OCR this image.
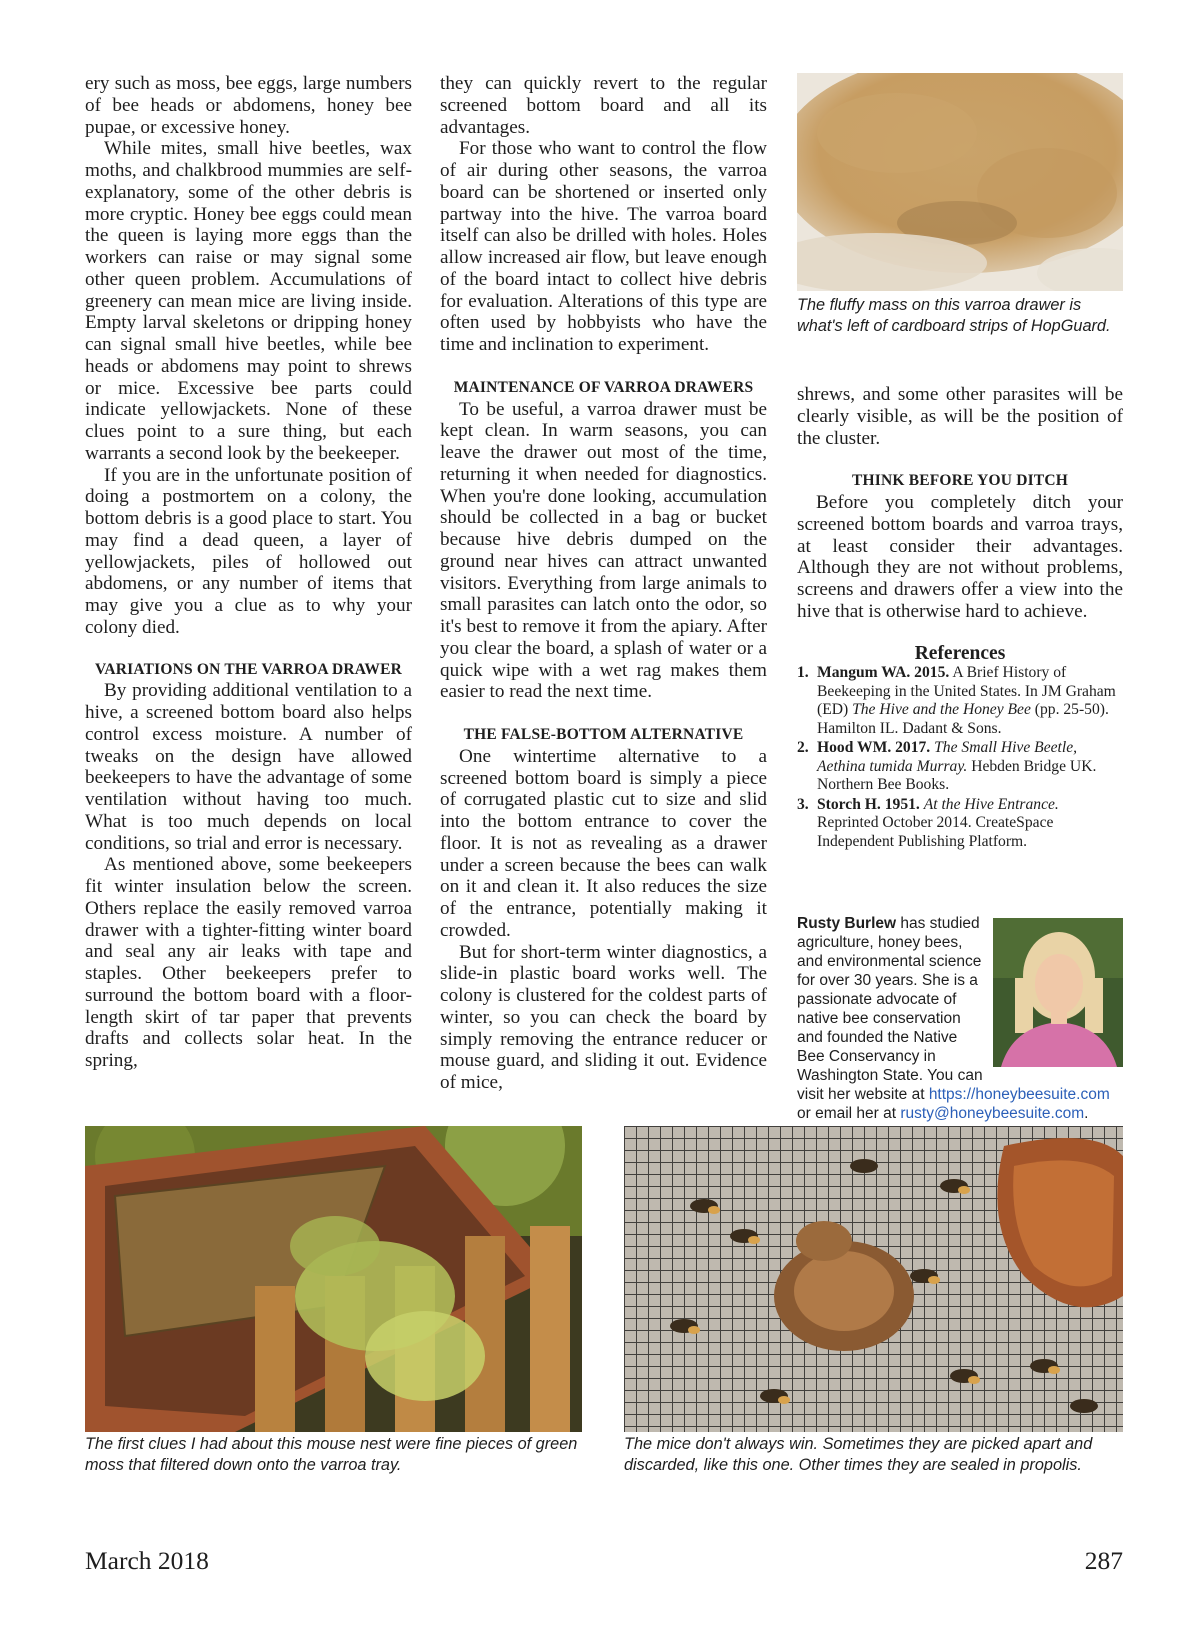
ery such as moss, bee eggs, large numbers of bee heads or abdomens, honey bee pupae, or excessive honey.

While mites, small hive beetles, wax moths, and chalkbrood mummies are self-explanatory, some of the other debris is more cryptic. Honey bee eggs could mean the queen is laying more eggs than the workers can raise or may signal some other queen problem. Accumulations of greenery can mean mice are living inside. Empty larval skeletons or dripping honey can signal small hive beetles, while bee heads or abdomens may point to shrews or mice. Excessive bee parts could indicate yellowjackets. None of these clues point to a sure thing, but each warrants a second look by the beekeeper.

If you are in the unfortunate position of doing a postmortem on a colony, the bottom debris is a good place to start. You may find a dead queen, a layer of yellowjackets, piles of hollowed out abdomens, or any number of items that may give you a clue as to why your colony died.

VARIATIONS ON THE VARROA DRAWER

By providing additional ventilation to a hive, a screened bottom board also helps control excess moisture. A number of tweaks on the design have allowed beekeepers to have the advantage of some ventilation without having too much. What is too much depends on local conditions, so trial and error is necessary.

As mentioned above, some beekeepers fit winter insulation below the screen. Others replace the easily removed varroa drawer with a tighter-fitting winter board and seal any air leaks with tape and staples. Other beekeepers prefer to surround the bottom board with a floor-length skirt of tar paper that prevents drafts and collects solar heat. In the spring,

they can quickly revert to the regular screened bottom board and all its advantages.

For those who want to control the flow of air during other seasons, the varroa board can be shortened or inserted only partway into the hive. The varroa board itself can also be drilled with holes. Holes allow increased air flow, but leave enough of the board intact to collect hive debris for evaluation. Alterations of this type are often used by hobbyists who have the time and inclination to experiment.

MAINTENANCE OF VARROA DRAWERS

To be useful, a varroa drawer must be kept clean. In warm seasons, you can leave the drawer out most of the time, returning it when needed for diagnostics. When you're done looking, accumulation should be collected in a bag or bucket because hive debris dumped on the ground near hives can attract unwanted visitors. Everything from large animals to small parasites can latch onto the odor, so it's best to remove it from the apiary. After you clear the board, a splash of water or a quick wipe with a wet rag makes them easier to read the next time.

THE FALSE-BOTTOM ALTERNATIVE

One wintertime alternative to a screened bottom board is simply a piece of corrugated plastic cut to size and slid into the bottom entrance to cover the floor. It is not as revealing as a drawer under a screen because the bees can walk on it and clean it. It also reduces the size of the entrance, potentially making it crowded.

But for short-term winter diagnostics, a slide-in plastic board works well. The colony is clustered for the coldest parts of winter, so you can check the board by simply removing the entrance reducer or mouse guard, and sliding it out. Evidence of mice,

The fluffy mass on this varroa drawer is what's left of cardboard strips of HopGuard.

shrews, and some other parasites will be clearly visible, as will be the position of the cluster.

THINK BEFORE YOU DITCH

Before you completely ditch your screened bottom boards and varroa trays, at least consider their advantages. Although they are not without problems, screens and drawers offer a view into the hive that is otherwise hard to achieve.

References
1. Mangum WA. 2015. A Brief History of Beekeeping in the United States. In JM Graham (ED) The Hive and the Honey Bee (pp. 25-50). Hamilton IL. Dadant & Sons.
2. Hood WM. 2017. The Small Hive Beetle, Aethina tumida Murray. Hebden Bridge UK. Northern Bee Books.
3. Storch H. 1951. At the Hive Entrance. Reprinted October 2014. CreateSpace Independent Publishing Platform.
Rusty Burlew has studied agriculture, honey bees, and environmental science for over 30 years. She is a passionate advocate of native bee conservation and founded the Native Bee Conservancy in Washington State. You can visit her website at https://honeybeesuite.com or email her at rusty@honeybeesuite.com.
The first clues I had about this mouse nest were fine pieces of green moss that filtered down onto the varroa tray.
The mice don't always win. Sometimes they are picked apart and discarded, like this one. Other times they are sealed in propolis.
March 2018	287
